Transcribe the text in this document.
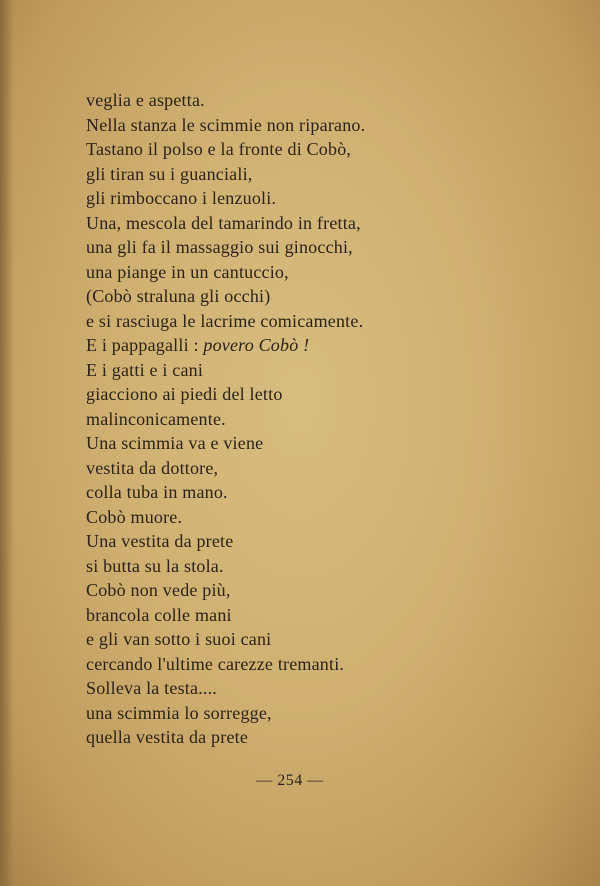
veglia e aspetta.
Nella stanza le scimmie non riparano.
Tastano il polso e la fronte di Cobò,
gli tiran su i guanciali,
gli rimboccano i lenzuoli.
Una, mescola del tamarindo in fretta,
una gli fa il massaggio sui ginocchi,
una piange in un cantuccio,
(Cobò straluna gli occhi)
e si rasciuga le lacrime comicamente.
E i pappagalli : povero Cobò !
E i gatti e i cani
giacciono ai piedi del letto
malinconicamente.
Una scimmia va e viene
vestita da dottore,
colla tuba in mano.
Cobò muore.
Una vestita da prete
si butta su la stola.
Cobò non vede più,
brancola colle mani
e gli van sotto i suoi cani
cercando l'ultime carezze tremanti.
Solleva la testa....
una scimmia lo sorregge,
quella vestita da prete
— 254 —
